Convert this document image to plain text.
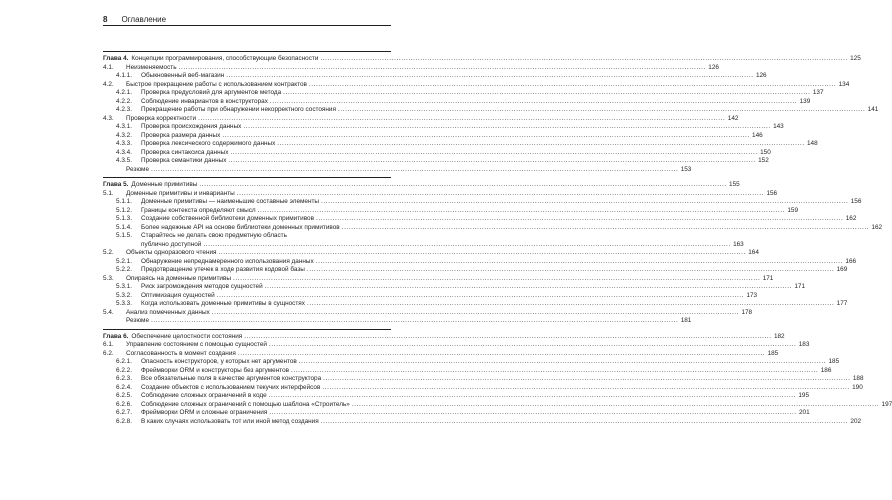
8 Оглавление
Глава 4. Концепции программирования, способствующие безопасности .....	125
4.1.	Неизменяемость .....	126
4.1.1.	Обыкновенный веб-магазин .....	126
4.2.	Быстрое прекращение работы с использованием контрактов .....	134
4.2.1.	Проверка предусловий для аргументов метода .....	137
4.2.2.	Соблюдение инвариантов в конструкторах .....	139
4.2.3.	Прекращение работы при обнаружении некорректного состояния .....	141
4.3.	Проверка корректности .....	142
4.3.1.	Проверка происхождения данных .....	143
4.3.2.	Проверка размера данных .....	146
4.3.3.	Проверка лексического содержимого данных .....	148
4.3.4.	Проверка синтаксиса данных .....	150
4.3.5.	Проверка семантики данных .....	152
Резюме .....	153
Глава 5. Доменные примитивы .....	155
5.1.	Доменные примитивы и инварианты .....	156
5.1.1.	Доменные примитивы — наименьшие составные элементы .....	156
5.1.2.	Границы контекста определяют смысл .....	159
5.1.3.	Создание собственной библиотеки доменных примитивов .....	162
5.1.4.	Более надежные API на основе библиотеки доменных примитивов .....	162
5.1.5.	Старайтесь не делать свою предметную область
публично доступной .....	163
5.2.	Объекты одноразового чтения .....	164
5.2.1.	Обнаружение непреднамеренного использования данных .....	166
5.2.2.	Предотвращение утечек в ходе развития кодовой базы .....	169
5.3.	Опираясь на доменные примитивы .....	171
5.3.1.	Риск загромождения методов сущностей .....	171
5.3.2.	Оптимизация сущностей .....	173
5.3.3.	Когда использовать доменные примитивы в сущностях .....	177
5.4.	Анализ помеченных данных .....	178
Резюме .....	181
Глава 6. Обеспечение целостности состояния .....	182
6.1.	Управление состоянием с помощью сущностей .....	183
6.2.	Согласованность в момент создания .....	185
6.2.1.	Опасность конструкторов, у которых нет аргументов .....	185
6.2.2.	Фреймворки ORM и конструкторы без аргументов .....	186
6.2.3.	Все обязательные поля в качестве аргументов конструктора .....	188
6.2.4.	Создание объектов с использованием текучих интерфейсов .....	190
6.2.5.	Соблюдение сложных ограничений в коде .....	195
6.2.6.	Соблюдение сложных ограничений с помощью шаблона «Строитель» .....	197
6.2.7.	Фреймворки ORM и сложные ограничения .....	201
6.2.8.	В каких случаях использовать тот или иной метод создания .....	202
